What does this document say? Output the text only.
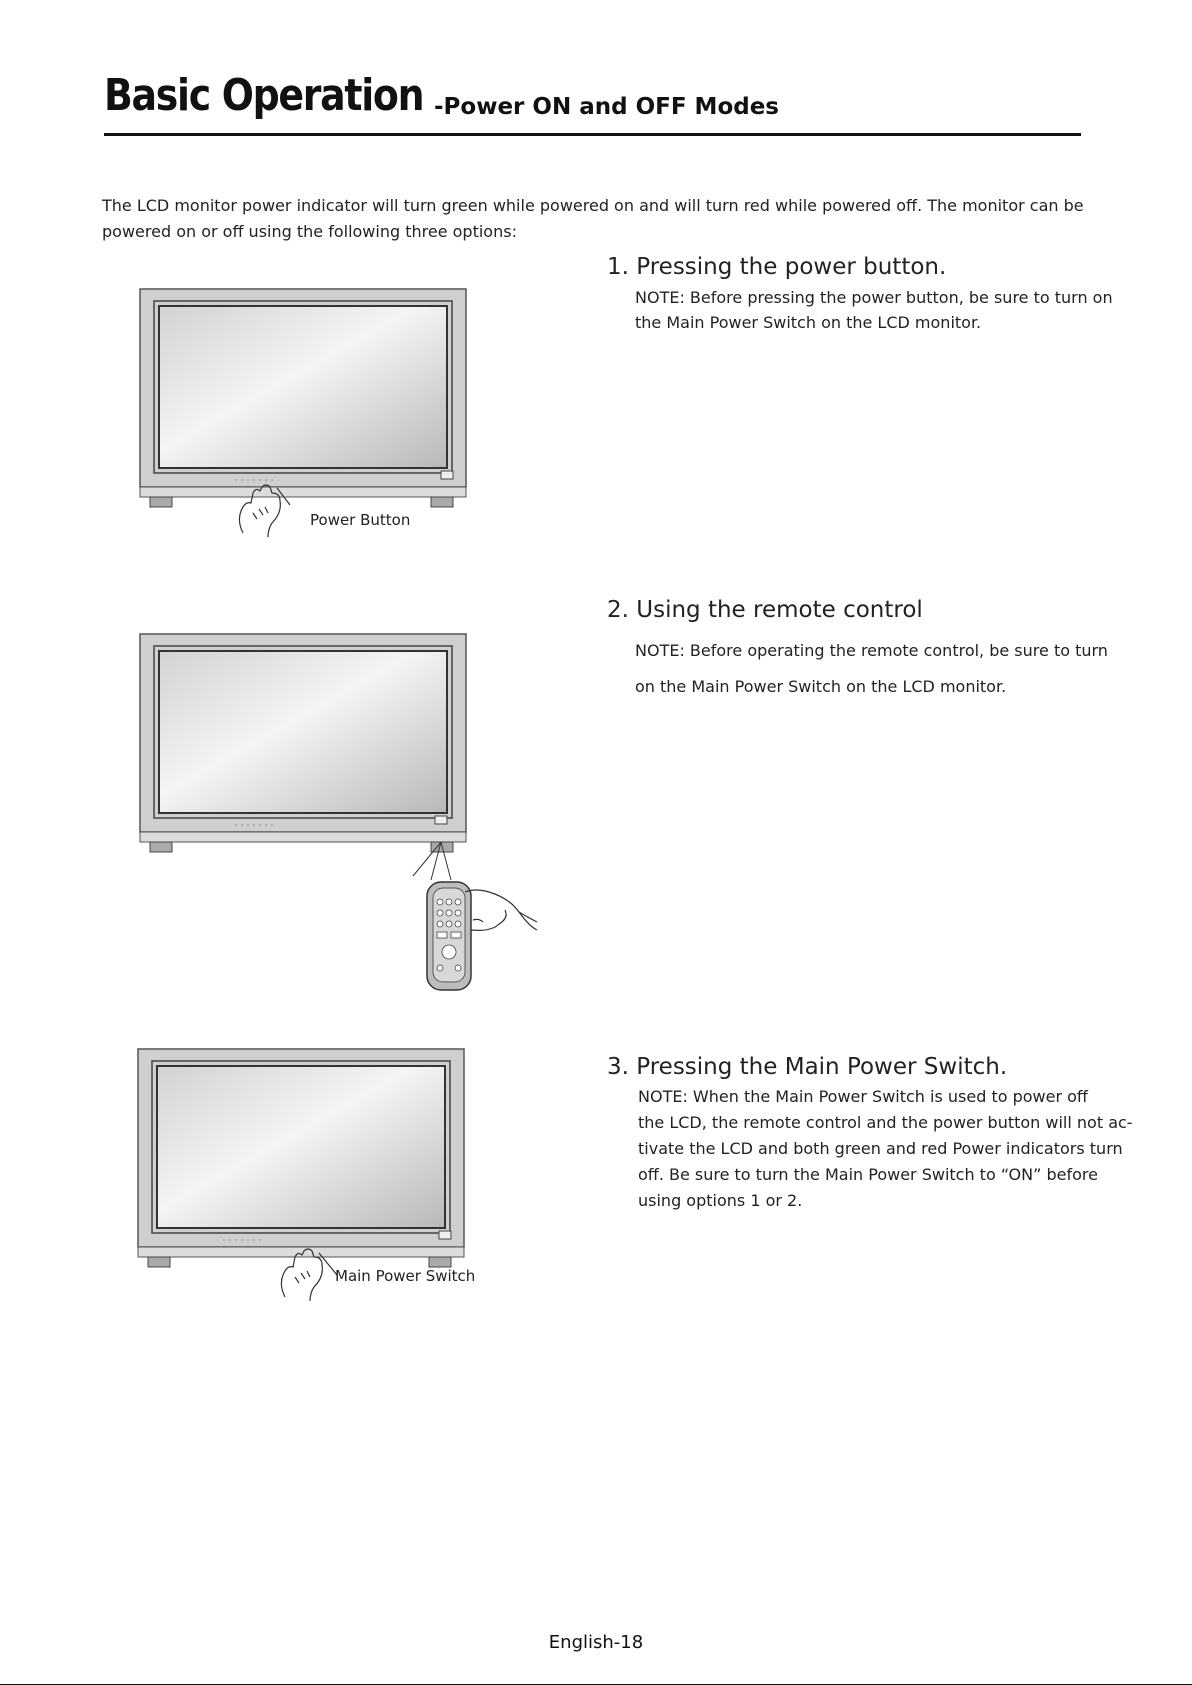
Basic Operation -Power ON and OFF Modes
The LCD monitor power indicator will turn green while powered on and will turn red while powered off. The monitor can be powered on or off using the following three options:
1. Pressing the power button.
NOTE: Before pressing the power button, be sure to turn on
the Main Power Switch on the LCD monitor.
2. Using the remote control
NOTE: Before operating the remote control, be sure to turn
on the Main Power Switch on the LCD monitor.
3. Pressing the Main Power Switch.
NOTE: When the Main Power Switch is used to power off
the LCD, the remote control and the power button will not ac-
tivate the LCD and both green and red Power indicators turn
off. Be sure to turn the Main Power Switch to “ON” before
using options 1 or 2.
Power Button
Main Power Switch
English-18
